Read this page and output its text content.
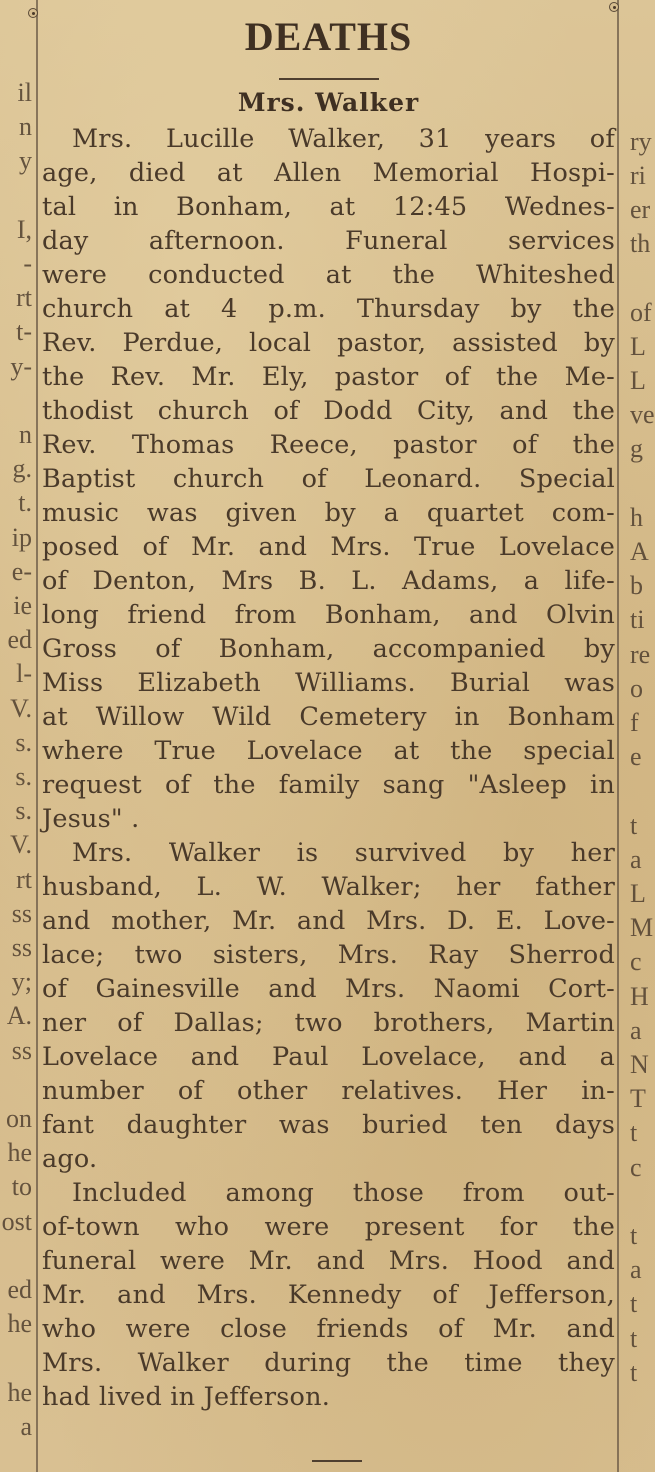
il
n
y
I,
-
rt
t-
y-
n
g.
t.
ip
e-
ie
ed
l-
V.
s.
s.
s.
V.
rt
ss
ss
y;
A.
ss
on
he
to
ost
ed
he
he
a
ry
ri
er
th
of
L
L
ve
g
h
A
b
ti
re
o
f
e
t
a
L
M
c
H
a
N
T
t
c
t
a
t
t
t
DEATHS
Mrs. Walker

Mrs. Lucille Walker, 31 years of
age, died at Allen Memorial Hospi-
tal in Bonham, at 12:45 Wednes-
day afternoon. Funeral services
were conducted at the Whiteshed
church at 4 p.m. Thursday by the
Rev. Perdue, local pastor, assisted by
the Rev. Mr. Ely, pastor of the Me-
thodist church of Dodd City, and the
Rev. Thomas Reece, pastor of the
Baptist church of Leonard. Special
music was given by a quartet com-
posed of Mr. and Mrs. True Lovelace
of Denton, Mrs B. L. Adams, a life-
long friend from Bonham, and Olvin
Gross of Bonham, accompanied by
Miss Elizabeth Williams. Burial was
at Willow Wild Cemetery in Bonham
where True Lovelace at the special
request of the family sang "Asleep in
Jesus" .

Mrs. Walker is survived by her
husband, L. W. Walker; her father
and mother, Mr. and Mrs. D. E. Love-
lace; two sisters, Mrs. Ray Sherrod
of Gainesville and Mrs. Naomi Cort-
ner of Dallas; two brothers, Martin
Lovelace and Paul Lovelace, and a
number of other relatives. Her in-
fant daughter was buried ten days
ago.

Included among those from out-
of-town who were present for the
funeral were Mr. and Mrs. Hood and
Mr. and Mrs. Kennedy of Jefferson,
who were close friends of Mr. and
Mrs. Walker during the time they
had lived in Jefferson.
